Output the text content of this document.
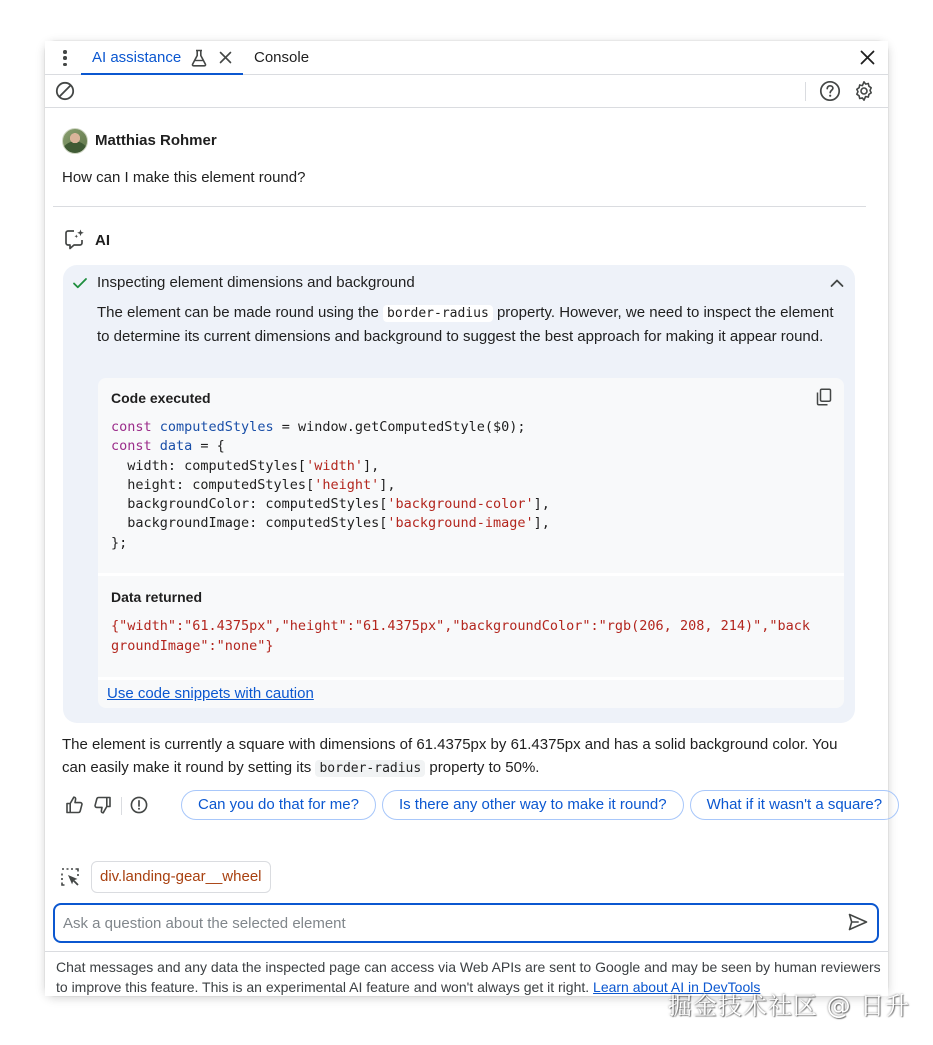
AI assistance	Console
Matthias Rohmer
How can I make this element round?
AI
Inspecting element dimensions and background
The element can be made round using the border-radius property. However, we need to inspect the element to determine its current dimensions and background to suggest the best approach for making it appear round.
Code executed
const computedStyles = window.getComputedStyle($0);
const data = {
width: computedStyles['width'],
height: computedStyles['height'],
backgroundColor: computedStyles['background-color'],
backgroundImage: computedStyles['background-image'],
};
Data returned
{"width":"61.4375px","height":"61.4375px","backgroundColor":"rgb(206, 208, 214)","backgroundImage":"none"}
Use code snippets with caution
The element is currently a square with dimensions of 61.4375px by 61.4375px and has a solid background color. You can easily make it round by setting its border-radius property to 50%.
Can you do that for me?	Is there any other way to make it round?	What if it wasn't a square?
div.landing-gear__wheel
Ask a question about the selected element
Chat messages and any data the inspected page can access via Web APIs are sent to Google and may be seen by human reviewers to improve this feature. This is an experimental AI feature and won't always get it right. Learn about AI in DevTools
掘金技术社区 @ 日升
